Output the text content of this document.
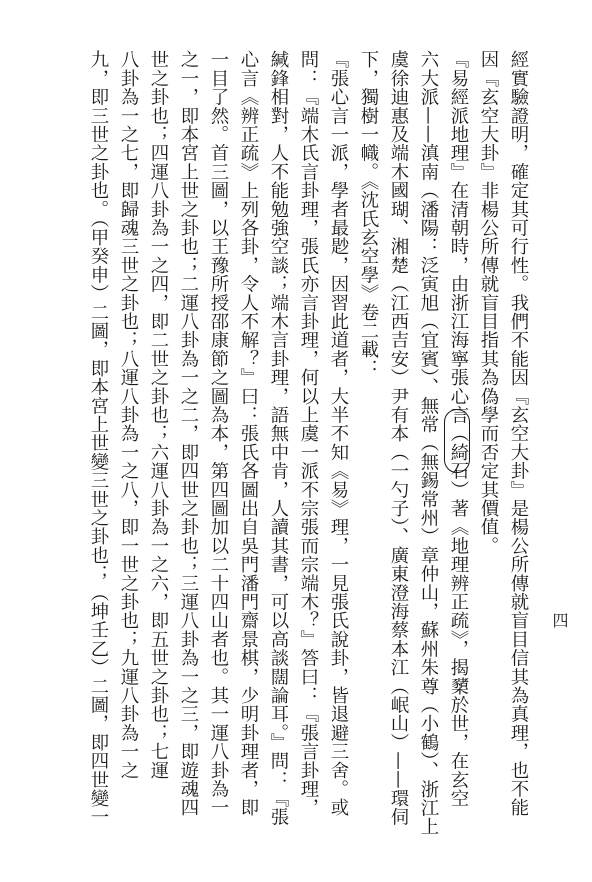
經實驗證明，確定其可行性。我們不能因『玄空大卦』是楊公所傳就盲目信其為真理，也不能
因『玄空大卦』非楊公所傳就盲目指其為偽學而否定其價值。
『易經派地理』在清朝時，由浙江海寧張心言（綺石）著《地理辨正疏》，揭櫫於世，在玄空
六大派——滇南（潘陽：泛寅旭（宜賓）、無常（無錫常州）章仲山，蘇州朱尊（小鶴）、浙江上
虞徐迪惠及端木國瑚、湘楚（江西吉安）尹有本（一勺子）、廣東澄海蔡本江（岷山）——環伺
下，獨樹一幟。《沈氏玄空學》卷二載：
『張心言一派，學者最尟，因習此道者，大半不知《易》理，一見張氏說卦，皆退避三舍。或
問：『端木氏言卦理，張氏亦言卦理，何以上虞一派不宗張而宗端木？』答曰：『張言卦理，
緘鋒相對，人不能勉強空談；端木言卦理，語無中肯，人讀其書，可以高談闊論耳。』問：『張
心言《辨正疏》上列各卦，令人不解？』曰：張氏各圖出自吳門潘門齋景棋，少明卦理者，即
一目了然。首三圖，以王豫所授邵康節之圖為本，第四圖加以二十四山者也。其一運八卦為一
之一，即本宮上世之卦也；二運八卦為一之二，即四世之卦也；三運八卦為一之三，即遊魂四
世之卦也；四運八卦為一之四，即二世之卦也；六運八卦為一之六，即五世之卦也；七運
八卦為一之七，即歸魂三世之卦也；八運八卦為一之八，即一世之卦也；九運八卦為一之
九，即三世之卦也。（甲癸申）二圖，即本宮上世變三世之卦也；（坤壬乙）二圖，即四世變一	四
